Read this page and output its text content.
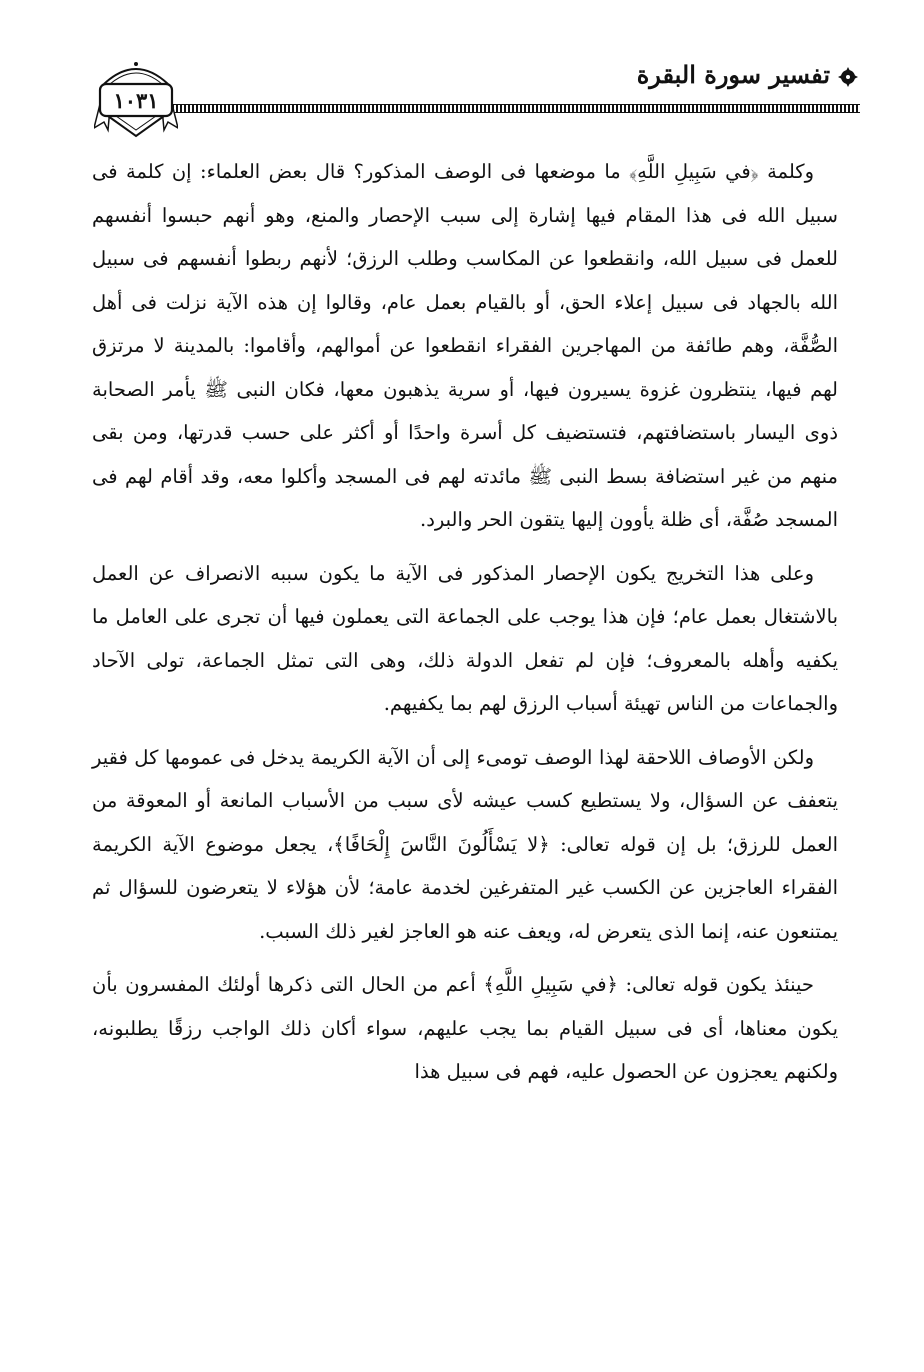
تفسير سورة البقرة
١٠٣١

وكلمة ﴿في سَبِيلِ اللَّهِ﴾ ما موضعها فى الوصف المذكور؟ قال بعض العلماء: إن كلمة فى سبيل الله فى هذا المقام فيها إشارة إلى سبب الإحصار والمنع، وهو أنهم حبسوا أنفسهم للعمل فى سبيل الله، وانقطعوا عن المكاسب وطلب الرزق؛ لأنهم ربطوا أنفسهم فى سبيل الله بالجهاد فى سبيل إعلاء الحق، أو بالقيام بعمل عام، وقالوا إن هذه الآية نزلت فى أهل الصُّفَّة، وهم طائفة من المهاجرين الفقراء انقطعوا عن أموالهم، وأقاموا: بالمدينة لا مرتزق لهم فيها، ينتظرون غزوة يسيرون فيها، أو سرية يذهبون معها، فكان النبى ﷺ يأمر الصحابة ذوى اليسار باستضافتهم، فتستضيف كل أسرة واحدًا أو أكثر على حسب قدرتها، ومن بقى منهم من غير استضافة بسط النبى ﷺ مائدته لهم فى المسجد وأكلوا معه، وقد أقام لهم فى المسجد صُفَّة، أى ظلة يأوون إليها يتقون الحر والبرد.

وعلى هذا التخريج يكون الإحصار المذكور فى الآية ما يكون سببه الانصراف عن العمل بالاشتغال بعمل عام؛ فإن هذا يوجب على الجماعة التى يعملون فيها أن تجرى على العامل ما يكفيه وأهله بالمعروف؛ فإن لم تفعل الدولة ذلك، وهى التى تمثل الجماعة، تولى الآحاد والجماعات من الناس تهيئة أسباب الرزق لهم بما يكفيهم.

ولكن الأوصاف اللاحقة لهذا الوصف تومىء إلى أن الآية الكريمة يدخل فى عمومها كل فقير يتعفف عن السؤال، ولا يستطيع كسب عيشه لأى سبب من الأسباب المانعة أو المعوقة من العمل للرزق؛ بل إن قوله تعالى: ﴿لا يَسْأَلُونَ النَّاسَ إِلْحَافًا﴾، يجعل موضوع الآية الكريمة الفقراء العاجزين عن الكسب غير المتفرغين لخدمة عامة؛ لأن هؤلاء لا يتعرضون للسؤال ثم يمتنعون عنه، إنما الذى يتعرض له، ويعف عنه هو العاجز لغير ذلك السبب.

حينئذ يكون قوله تعالى: ﴿في سَبِيلِ اللَّهِ﴾ أعم من الحال التى ذكرها أولئك المفسرون بأن يكون معناها، أى فى سبيل القيام بما يجب عليهم، سواء أكان ذلك الواجب رزقًا يطلبونه، ولكنهم يعجزون عن الحصول عليه، فهم فى سبيل هذا
